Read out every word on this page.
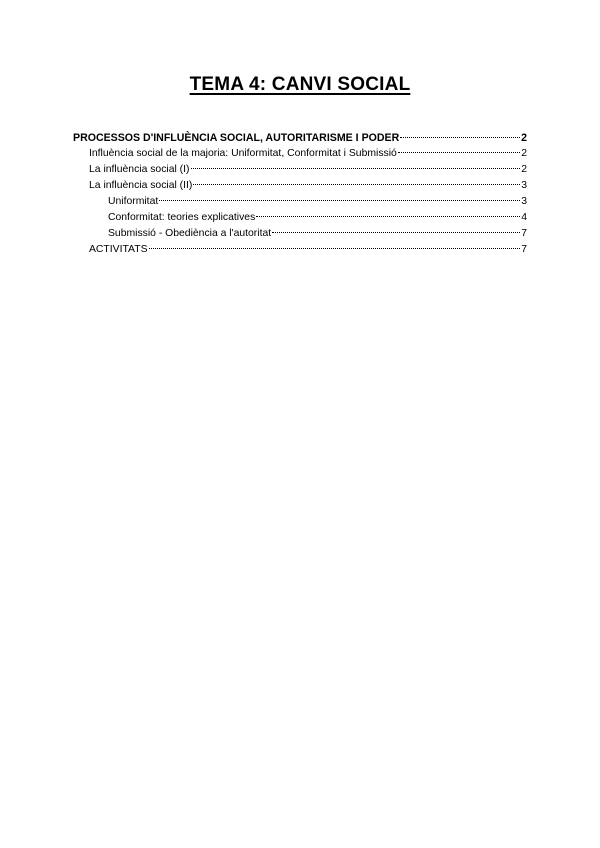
TEMA 4: CANVI SOCIAL
PROCESSOS D'INFLUÈNCIA SOCIAL, AUTORITARISME I PODER	2
Influència social de la majoria: Uniformitat, Conformitat i Submissió	2
La influència social (I)	2
La influència social (II)	3
Uniformitat	3
Conformitat: teories explicatives	4
Submissió - Obediència a l'autoritat	7
ACTIVITATS	7
